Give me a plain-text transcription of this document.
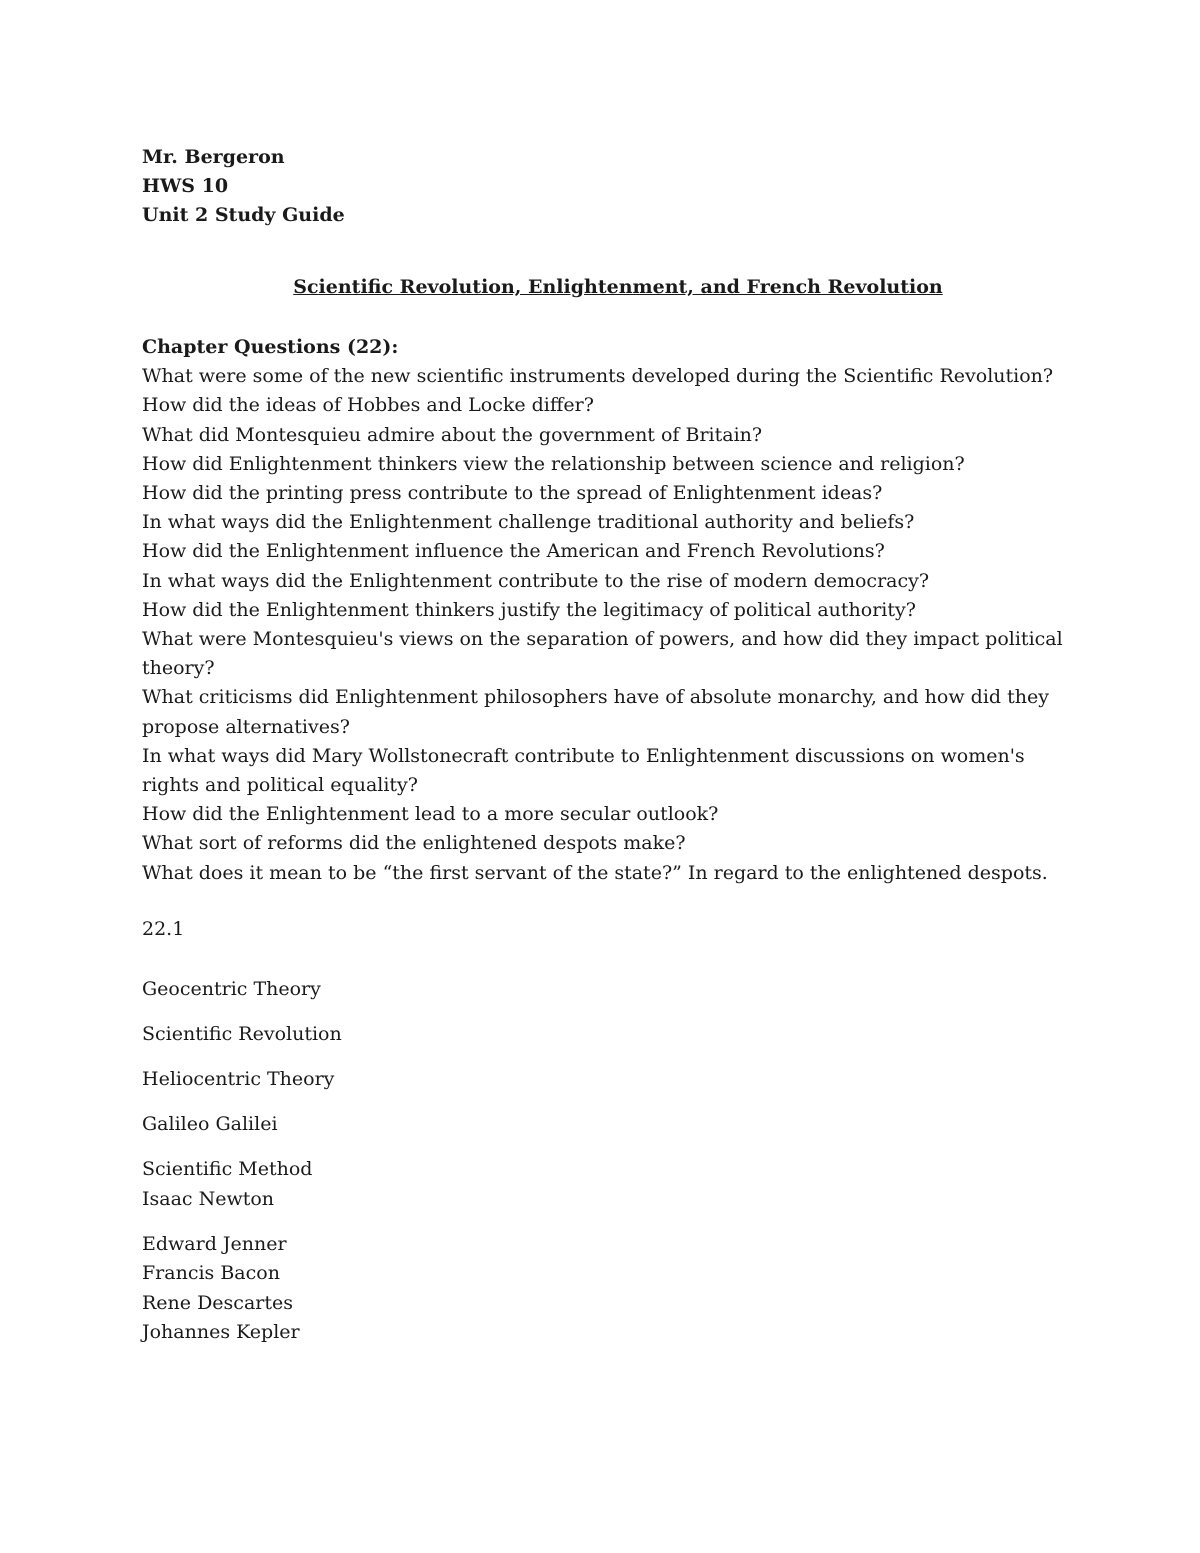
Mr. Bergeron
HWS 10
Unit 2 Study Guide
Scientific Revolution, Enlightenment, and French Revolution
Chapter Questions (22):
What were some of the new scientific instruments developed during the Scientific Revolution?
How did the ideas of Hobbes and Locke differ?
What did Montesquieu admire about the government of Britain?
How did Enlightenment thinkers view the relationship between science and religion?
How did the printing press contribute to the spread of Enlightenment ideas?
In what ways did the Enlightenment challenge traditional authority and beliefs?
How did the Enlightenment influence the American and French Revolutions?
In what ways did the Enlightenment contribute to the rise of modern democracy?
How did the Enlightenment thinkers justify the legitimacy of political authority?
What were Montesquieu's views on the separation of powers, and how did they impact political theory?
What criticisms did Enlightenment philosophers have of absolute monarchy, and how did they propose alternatives?
In what ways did Mary Wollstonecraft contribute to Enlightenment discussions on women's rights and political equality?
How did the Enlightenment lead to a more secular outlook?
What sort of reforms did the enlightened despots make?
What does it mean to be “the first servant of the state?” In regard to the enlightened despots.
22.1
Geocentric Theory
Scientific Revolution
Heliocentric Theory
Galileo Galilei
Scientific Method
Isaac Newton
Edward Jenner
Francis Bacon
Rene Descartes
Johannes Kepler
